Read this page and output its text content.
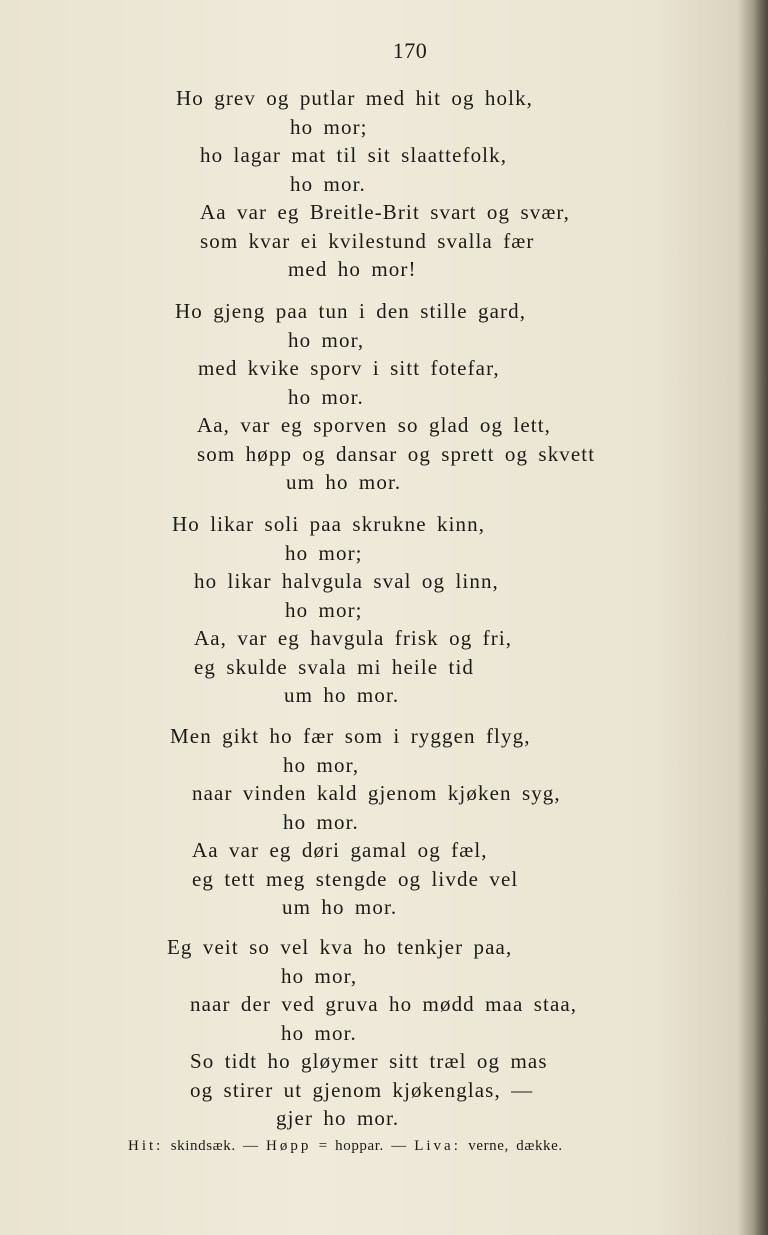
170
Ho grev og putlar med hit og holk,
ho mor;
ho lagar mat til sit slaattefolk,
ho mor.
Aa var eg Breitle-Brit svart og svær,
som kvar ei kvilestund svalla fær
med ho mor!
Ho gjeng paa tun i den stille gard,
ho mor,
med kvike sporv i sitt fotefar,
ho mor.
Aa, var eg sporven so glad og lett,
som høpp og dansar og sprett og skvett
um ho mor.
Ho likar soli paa skrukne kinn,
ho mor;
ho likar halvgula sval og linn,
ho mor;
Aa, var eg havgula frisk og fri,
eg skulde svala mi heile tid
um ho mor.
Men gikt ho fær som i ryggen flyg,
ho mor,
naar vinden kald gjenom kjøken syg,
ho mor.
Aa var eg døri gamal og fæl,
eg tett meg stengde og livde vel
um ho mor.
Eg veit so vel kva ho tenkjer paa,
ho mor,
naar der ved gruva ho mødd maa staa,
ho mor.
So tidt ho gløymer sitt træl og mas
og stirer ut gjenom kjøkenglas, —
gjer ho mor.
Hit: skindsæk. — Høpp = hoppar. — Liva: verne, dække.
